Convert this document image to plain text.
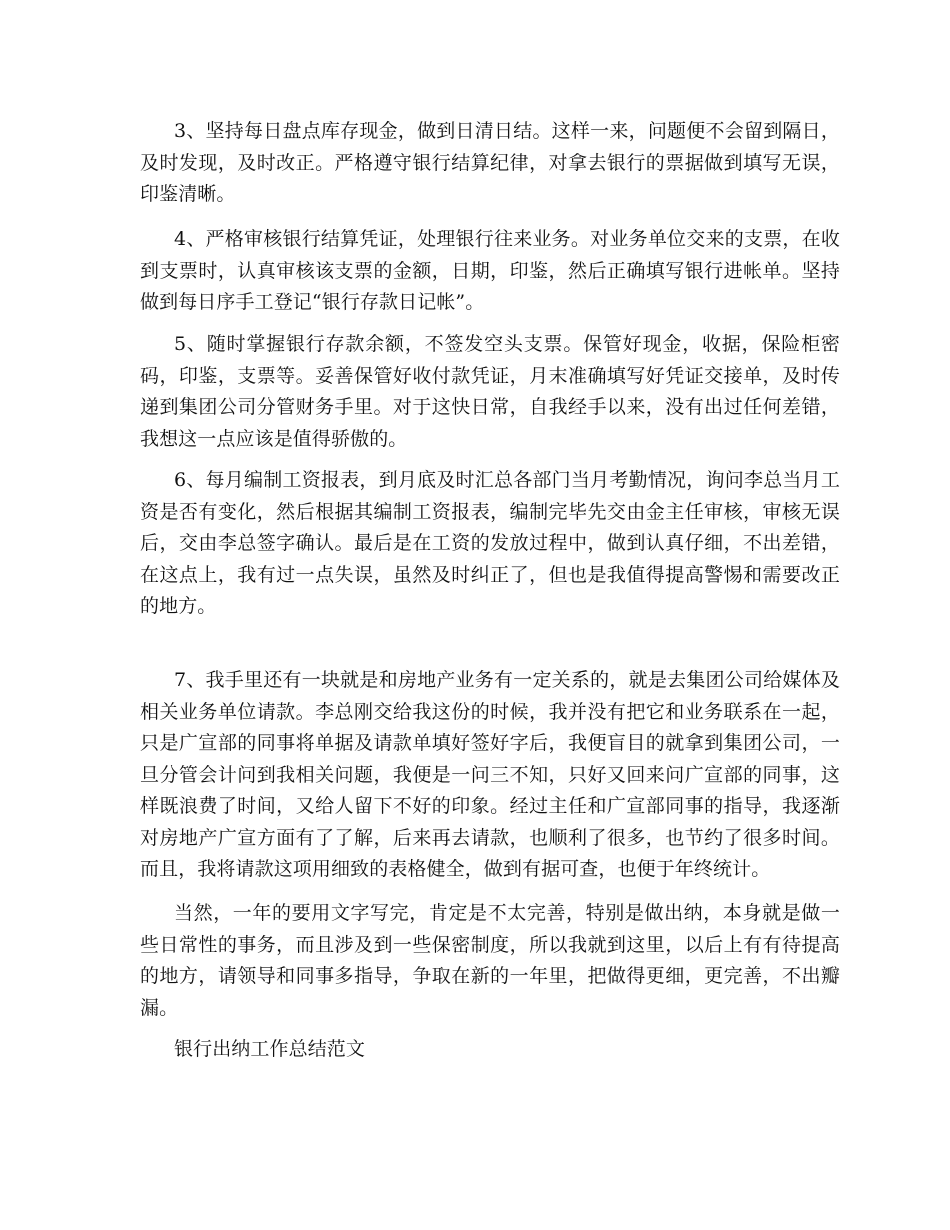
3、坚持每日盘点库存现金，做到日清日结。这样一来，问题便不会留到隔日，及时发现，及时改正。严格遵守银行结算纪律，对拿去银行的票据做到填写无误，印鉴清晰。

4、严格审核银行结算凭证，处理银行往来业务。对业务单位交来的支票，在收到支票时，认真审核该支票的金额，日期，印鉴，然后正确填写银行进帐单。坚持做到每日序手工登记“银行存款日记帐”。

5、随时掌握银行存款余额，不签发空头支票。保管好现金，收据，保险柜密码，印鉴，支票等。妥善保管好收付款凭证，月末准确填写好凭证交接单，及时传递到集团公司分管财务手里。对于这快日常，自我经手以来，没有出过任何差错，我想这一点应该是值得骄傲的。

6、每月编制工资报表，到月底及时汇总各部门当月考勤情况，询问李总当月工资是否有变化，然后根据其编制工资报表，编制完毕先交由金主任审核，审核无误后，交由李总签字确认。最后是在工资的发放过程中，做到认真仔细，不出差错，在这点上，我有过一点失误，虽然及时纠正了，但也是我值得提高警惕和需要改正的地方。

7、我手里还有一块就是和房地产业务有一定关系的，就是去集团公司给媒体及相关业务单位请款。李总刚交给我这份的时候，我并没有把它和业务联系在一起，只是广宣部的同事将单据及请款单填好签好字后，我便盲目的就拿到集团公司，一旦分管会计问到我相关问题，我便是一问三不知，只好又回来问广宣部的同事，这样既浪费了时间，又给人留下不好的印象。经过主任和广宣部同事的指导，我逐渐对房地产广宣方面有了了解，后来再去请款，也顺利了很多，也节约了很多时间。而且，我将请款这项用细致的表格健全，做到有据可查，也便于年终统计。

当然，一年的要用文字写完，肯定是不太完善，特别是做出纳，本身就是做一些日常性的事务，而且涉及到一些保密制度，所以我就到这里，以后上有有待提高的地方，请领导和同事多指导，争取在新的一年里，把做得更细，更完善，不出瓣漏。

银行出纳工作总结范文
